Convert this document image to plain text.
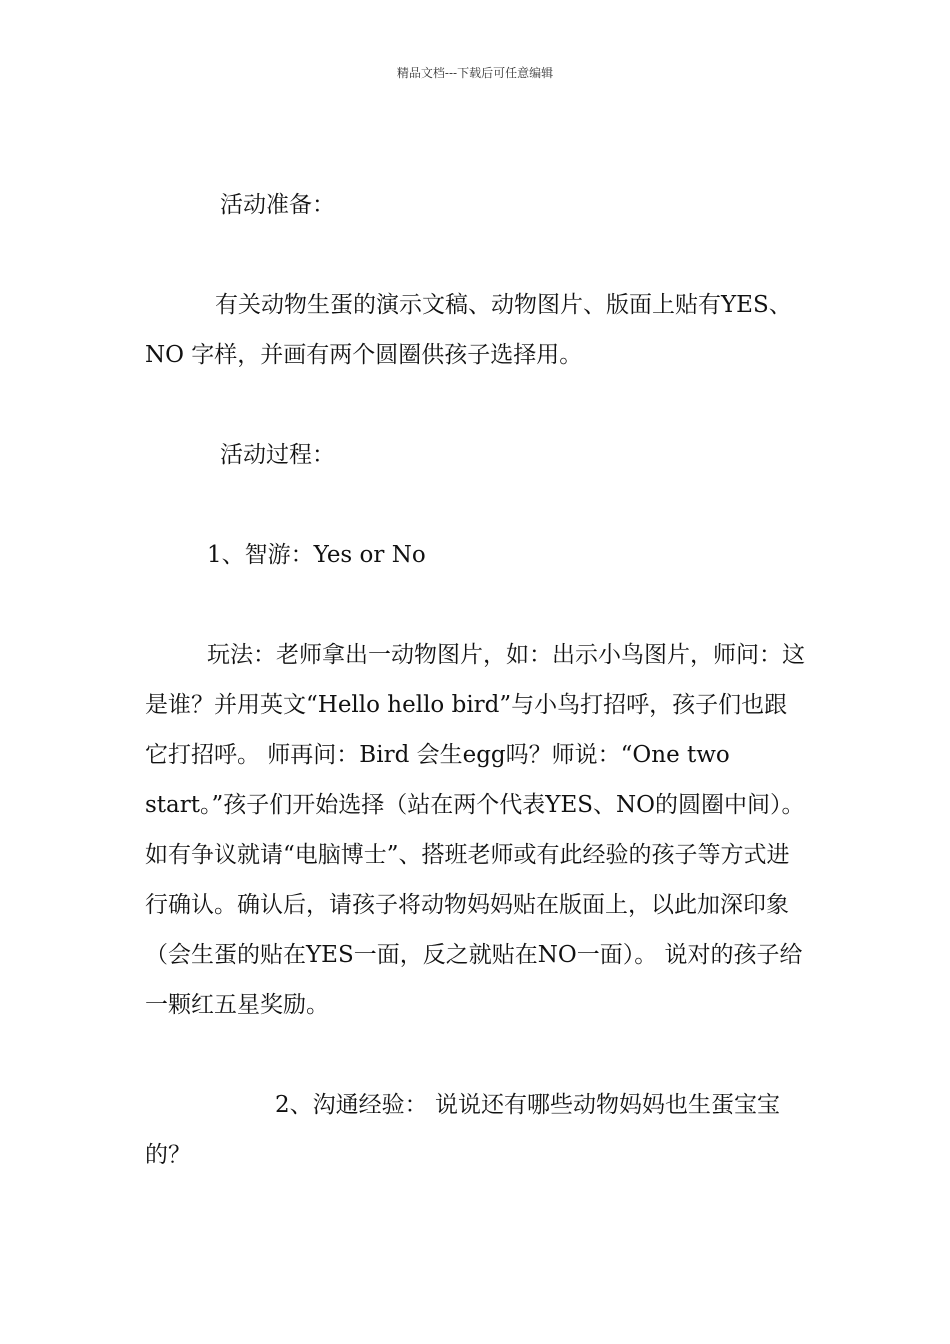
精品文档---下载后可任意编辑

活动准备：

有关动物生蛋的演示文稿、动物图片、版面上贴有YES、NO 字样，并画有两个圆圈供孩子选择用。

活动过程：

1、智游：Yes or No

玩法：老师拿出一动物图片，如：出示小鸟图片，师问：这是谁？并用英文“Hello hello bird”与小鸟打招呼，孩子们也跟它打招呼。 师再问：Bird 会生egg吗？师说：“One two start。”孩子们开始选择（站在两个代表YES、NO的圆圈中间）。如有争议就请“电脑博士”、搭班老师或有此经验的孩子等方式进行确认。确认后，请孩子将动物妈妈贴在版面上，以此加深印象（会生蛋的贴在YES一面，反之就贴在NO一面）。 说对的孩子给一颗红五星奖励。

2、沟通经验： 说说还有哪些动物妈妈也生蛋宝宝的？
